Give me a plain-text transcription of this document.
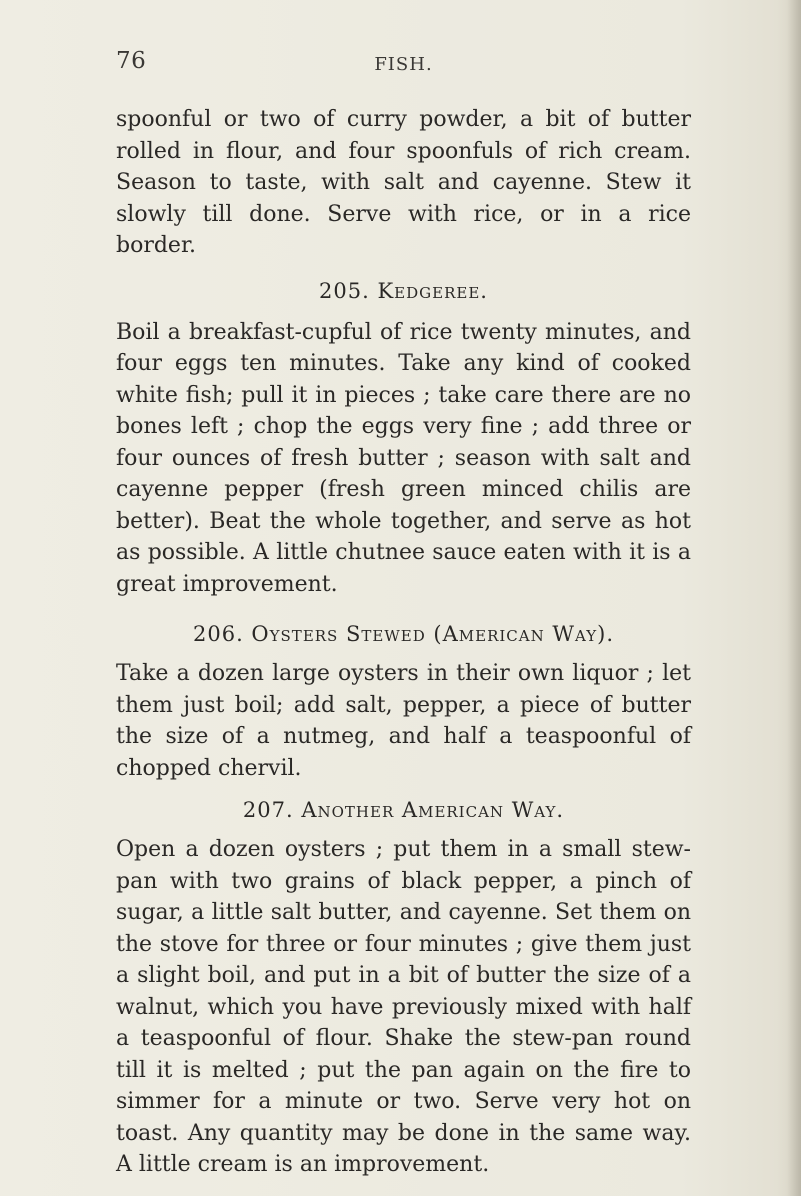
76	FISH.

spoonful or two of curry powder, a bit of butter rolled in flour, and four spoonfuls of rich cream. Season to taste, with salt and cayenne. Stew it slowly till done. Serve with rice, or in a rice border.

205. Kedgeree.

Boil a breakfast-cupful of rice twenty minutes, and four eggs ten minutes. Take any kind of cooked white fish; pull it in pieces ; take care there are no bones left ; chop the eggs very fine ; add three or four ounces of fresh butter ; season with salt and cayenne pepper (fresh green minced chilis are better). Beat the whole together, and serve as hot as possible. A little chutnee sauce eaten with it is a great improvement.

206. Oysters Stewed (American Way).

Take a dozen large oysters in their own liquor ; let them just boil; add salt, pepper, a piece of butter the size of a nutmeg, and half a teaspoonful of chopped chervil.

207. Another American Way.

Open a dozen oysters ; put them in a small stew-pan with two grains of black pepper, a pinch of sugar, a little salt butter, and cayenne. Set them on the stove for three or four minutes ; give them just a slight boil, and put in a bit of butter the size of a walnut, which you have previously mixed with half a teaspoonful of flour. Shake the stew-pan round till it is melted ; put the pan again on the fire to simmer for a minute or two. Serve very hot on toast. Any quantity may be done in the same way. A little cream is an improvement.
